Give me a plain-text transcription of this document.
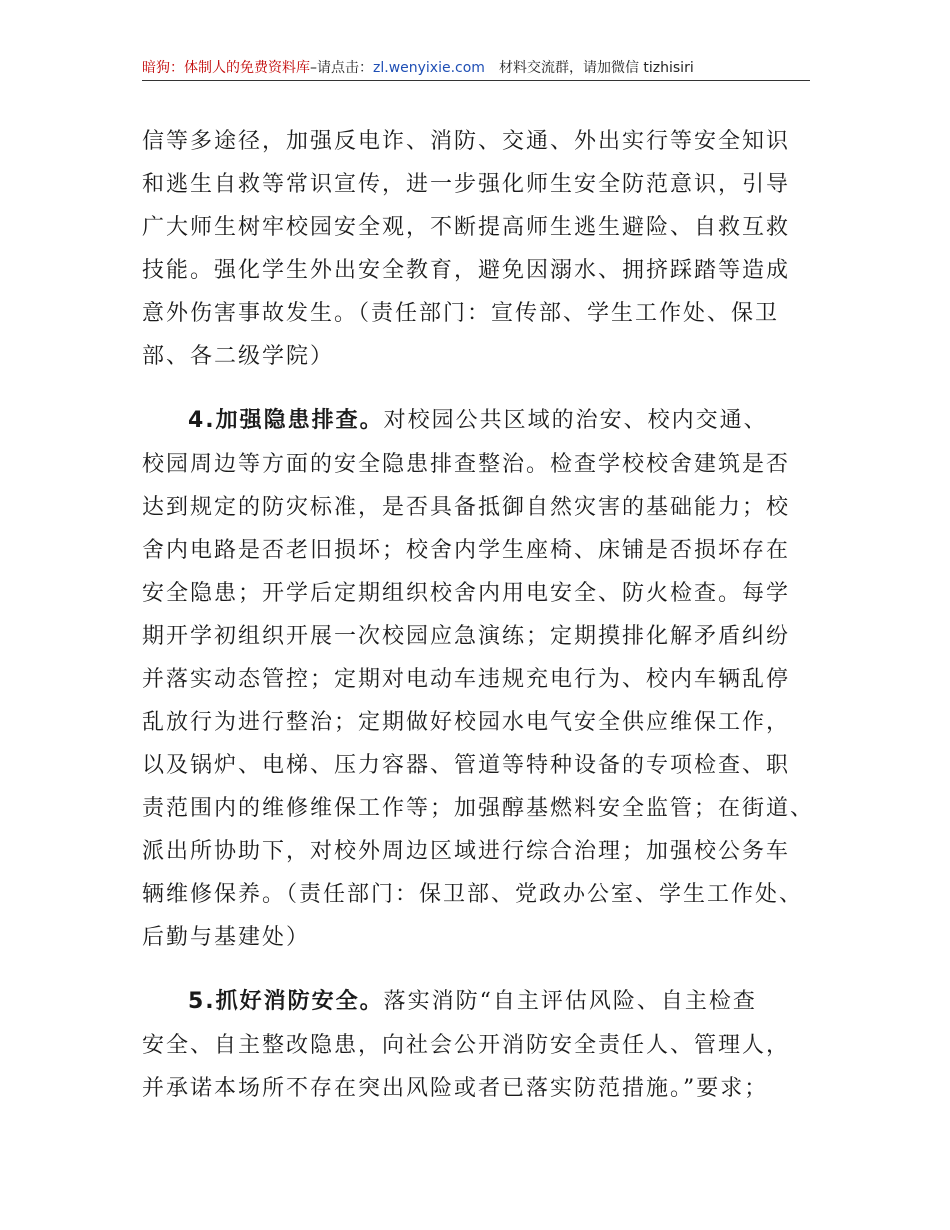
暗狗：体制人的免费资料库–请点击：zl.wenyixie.com 材料交流群，请加微信 tizhisiri
信等多途径，加强反电诈、消防、交通、外出实行等安全知识
和逃生自救等常识宣传，进一步强化师生安全防范意识，引导
广大师生树牢校园安全观，不断提高师生逃生避险、自救互救
技能。强化学生外出安全教育，避免因溺水、拥挤踩踏等造成
意外伤害事故发生。（责任部门：宣传部、学生工作处、保卫
部、各二级学院）
4.加强隐患排查。对校园公共区域的治安、校内交通、
校园周边等方面的安全隐患排查整治。检查学校校舍建筑是否
达到规定的防灾标准，是否具备抵御自然灾害的基础能力；校
舍内电路是否老旧损坏；校舍内学生座椅、床铺是否损坏存在
安全隐患；开学后定期组织校舍内用电安全、防火检查。每学
期开学初组织开展一次校园应急演练；定期摸排化解矛盾纠纷
并落实动态管控；定期对电动车违规充电行为、校内车辆乱停
乱放行为进行整治；定期做好校园水电气安全供应维保工作，
以及锅炉、电梯、压力容器、管道等特种设备的专项检查、职
责范围内的维修维保工作等；加强醇基燃料安全监管；在街道、
派出所协助下，对校外周边区域进行综合治理；加强校公务车
辆维修保养。（责任部门：保卫部、党政办公室、学生工作处、
后勤与基建处）
5.抓好消防安全。落实消防“自主评估风险、自主检查
安全、自主整改隐患，向社会公开消防安全责任人、管理人，
并承诺本场所不存在突出风险或者已落实防范措施。”要求；
